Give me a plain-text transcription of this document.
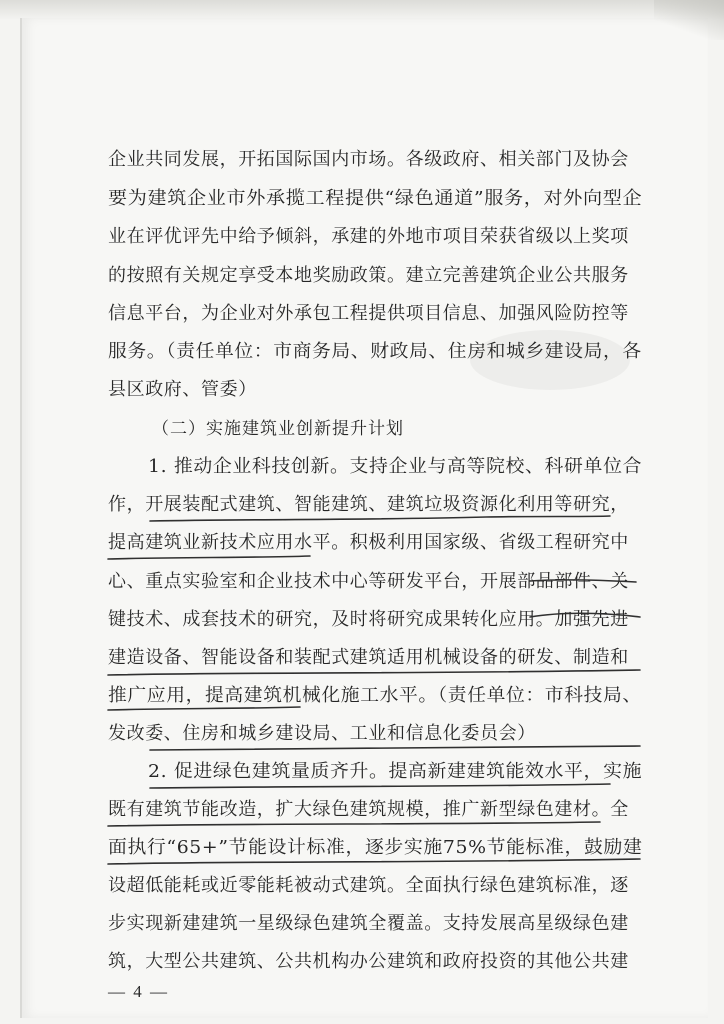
企业共同发展，开拓国际国内市场。各级政府、相关部门及协会
要为建筑企业市外承揽工程提供“绿色通道”服务，对外向型企
业在评优评先中给予倾斜，承建的外地市项目荣获省级以上奖项
的按照有关规定享受本地奖励政策。建立完善建筑企业公共服务
信息平台，为企业对外承包工程提供项目信息、加强风险防控等
服务。（责任单位：市商务局、财政局、住房和城乡建设局，各
县区政府、管委）
（二）实施建筑业创新提升计划
1. 推动企业科技创新。支持企业与高等院校、科研单位合
作，开展装配式建筑、智能建筑、建筑垃圾资源化利用等研究，
提高建筑业新技术应用水平。积极利用国家级、省级工程研究中
心、重点实验室和企业技术中心等研发平台，开展部品部件、关
键技术、成套技术的研究，及时将研究成果转化应用。加强先进
建造设备、智能设备和装配式建筑适用机械设备的研发、制造和
推广应用，提高建筑机械化施工水平。（责任单位：市科技局、
发改委、住房和城乡建设局、工业和信息化委员会）
2. 促进绿色建筑量质齐升。提高新建建筑能效水平，实施
既有建筑节能改造，扩大绿色建筑规模，推广新型绿色建材。全
面执行“65+”节能设计标准，逐步实施75%节能标准，鼓励建
设超低能耗或近零能耗被动式建筑。全面执行绿色建筑标准，逐
步实现新建建筑一星级绿色建筑全覆盖。支持发展高星级绿色建
筑，大型公共建筑、公共机构办公建筑和政府投资的其他公共建
— 4 —
